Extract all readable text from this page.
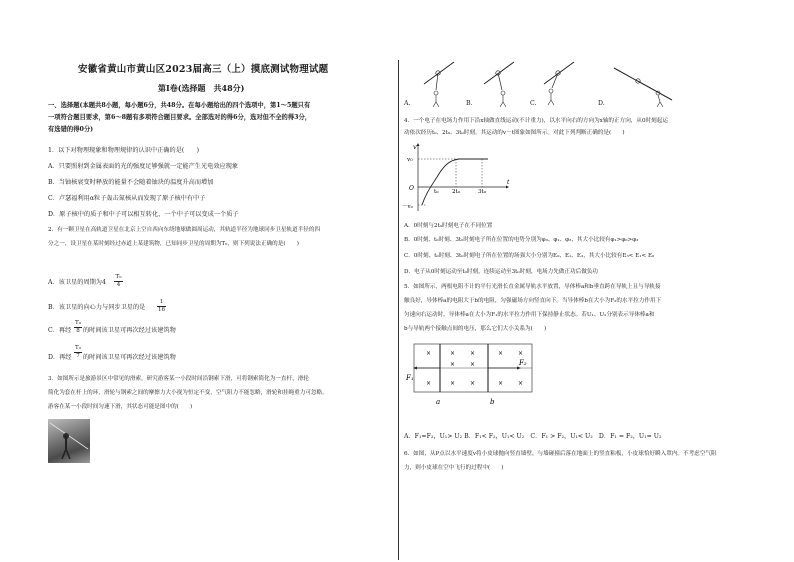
安徽省黄山市黄山区2023届高三（上）摸底测试物理试题
第Ⅰ卷(选择题　共48分)
一、选择题(本题共8小题，每小题6分，共48分。在每小题给出的四个选项中，第1～5题只有
一项符合题目要求，第6～8题有多项符合题目要求。全部选对的得6分，选对但不全的得3分，
有选错的得0分)
1．以下对物理现象和物理规律的认识中正确的是(　　)
A．只要照射到金属表面的光的强度足够强就一定能产生光电效应现象
B．当铀核衰变时释放的能量不会随着铀块的温度升高而增加
C．卢瑟福利用α粒子轰击氮核从而发现了原子核中有中子
D．原子核中的质子和中子可以相互转化，一个中子可以变成一个质子
2．有一颗卫星在高轨道卫星在北京上空自西向东绕地球做圆周运动，其轨道半径为地球同步卫星轨道半径的四
分之一，设卫星在某时刻经过赤道上某建筑物，已知同步卫星的周期为T₀，则下列说法正确的是(　　)
A．该卫星的周期为4
T₀
4
B．该卫星的向心力与同步卫星的是
1
16
C．再经
T₀
8 的时间该卫星可再次经过该建筑物
D．再经
T₀
7 的时间该卫星可再次经过该建筑物
3．如图所示是旅游景区中常见的滑索。研究游客某一小段时间沿钢索下滑，可将钢索简化为一直杆，滑轮
简化为套在杆上的环，滑轮与钢索之间的摩擦力大小视为恒定不变，空气阻力不能忽略，滑轮和挂绳重力可忽略。
游客在某一小段时间匀速下滑，其状态可能是图中的(　　)
A.	B.	C.	D.
4．一个电子在电场力作用下沿x轴做直线运动(不计重力)，以水平向右的方向为x轴的正方向，从0时刻起运
动依次经历t₀、2t₀、3t₀时刻。其运动的v－t图象如图所示。对此下列判断正确的是(　　)
v
v₀
－v₀
O
t
t₀ 2t₀	3t₀
A．0时刻与2t₀时刻电子在不同位置
B．0时刻、t₀时刻、3t₀时刻电子所在位置的电势分别为φ₀、φ₁、φ₃，其大小比较有φ₁>φ₀>φ₃
C．0时刻、t₀时刻、3t₀时刻电子所在位置的场强大小分别为E₀、E₁、E₃，其大小比较有E₃< E₁< E₀
D．电子从0时刻运动至t₀时刻，连续运动至3t₀时刻，电场力先做正功后做负功
5．如图所示，两根电阻不计的平行光滑长直金属导轨水平放置，导体棒a和b垂直跨在导轨上且与导轨接
触良好，导体棒a的电阻大于b的电阻，匀强磁场方向竖直向下。当导体棒b在大小为F₂的水平拉力作用下
匀速向右运动时，导体棒a在大小为F₁的水平拉力作用下保持静止状态。若U₁、U₂分别表示导体棒a和
b与导轨两个接触点间的电压，那么它们大小关系为(　　)
×	× ×	× ×
× ×
×	× ×	× ×
F₁
F₂
a	b
A．F₁=F₂，U₁> U₂ B．F₁< F₂，U₁< U₂　C．F₁ > F₂，U₁< U₂　D．F₁ = F₂，U₁= U₂
6．如图，从P点以水平速度v将小皮球抛向竖直墙壁，与墙碰撞后落在地面上的竖直粘板，小皮球恰好瞬入罩内。不考虑空气阻
力，则小皮球在空中飞行的过程中(　　)
